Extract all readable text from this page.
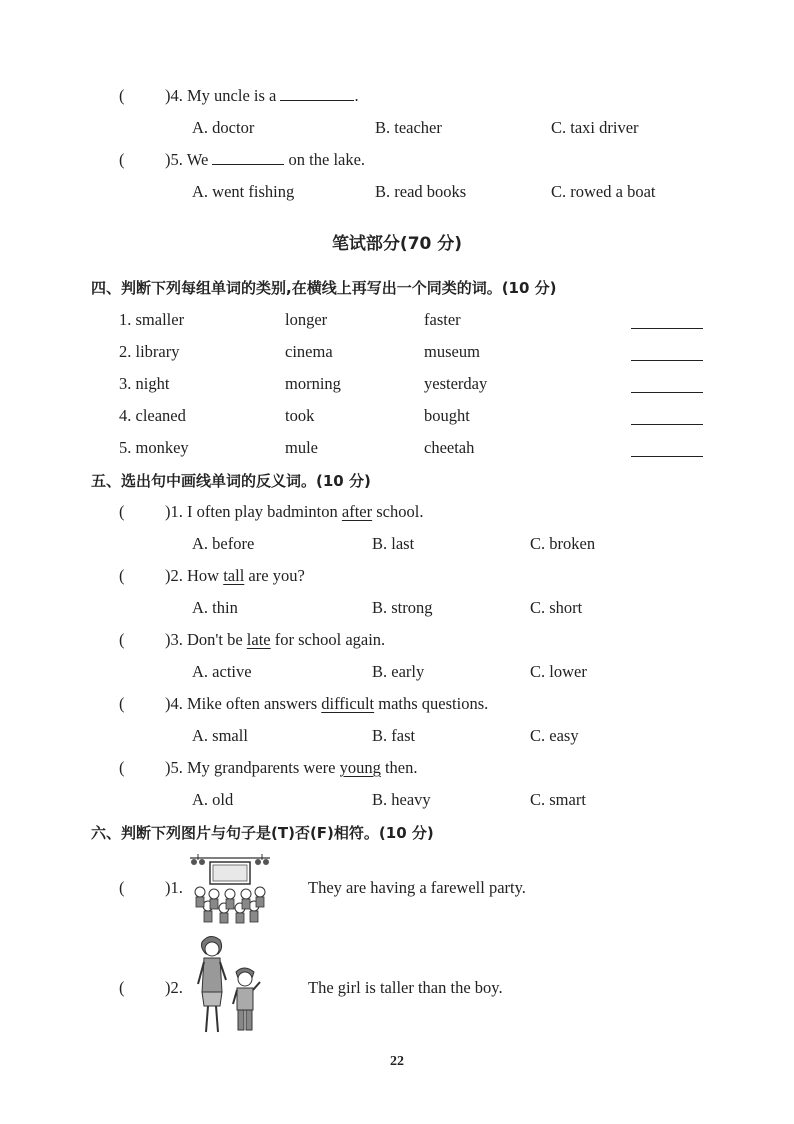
( )4. My uncle is a	.
A. doctor	B. teacher	C. taxi driver
( )5. We	on the lake.
A. went fishing	B. read books	C. rowed a boat
笔试部分(70 分)
四、判断下列每组单词的类别,在横线上再写出一个同类的词。(10 分)
1. smaller	longer	faster
2. library	cinema	museum
3. night	morning	yesterday
4. cleaned	took	bought
5. monkey	mule	cheetah
五、选出句中画线单词的反义词。(10 分)
( )1. I often play badminton after school.
A. before	B. last	C. broken
( )2. How tall are you?
A. thin	B. strong	C. short
( )3. Don't be late for school again.
A. active	B. early	C. lower
( )4. Mike often answers difficult maths questions.
A. small	B. fast	C. easy
( )5. My grandparents were young then.
A. old	B. heavy	C. smart
六、判断下列图片与句子是(T)否(F)相符。(10 分)
( )1.	They are having a farewell party.
( )2.	The girl is taller than the boy.
22
